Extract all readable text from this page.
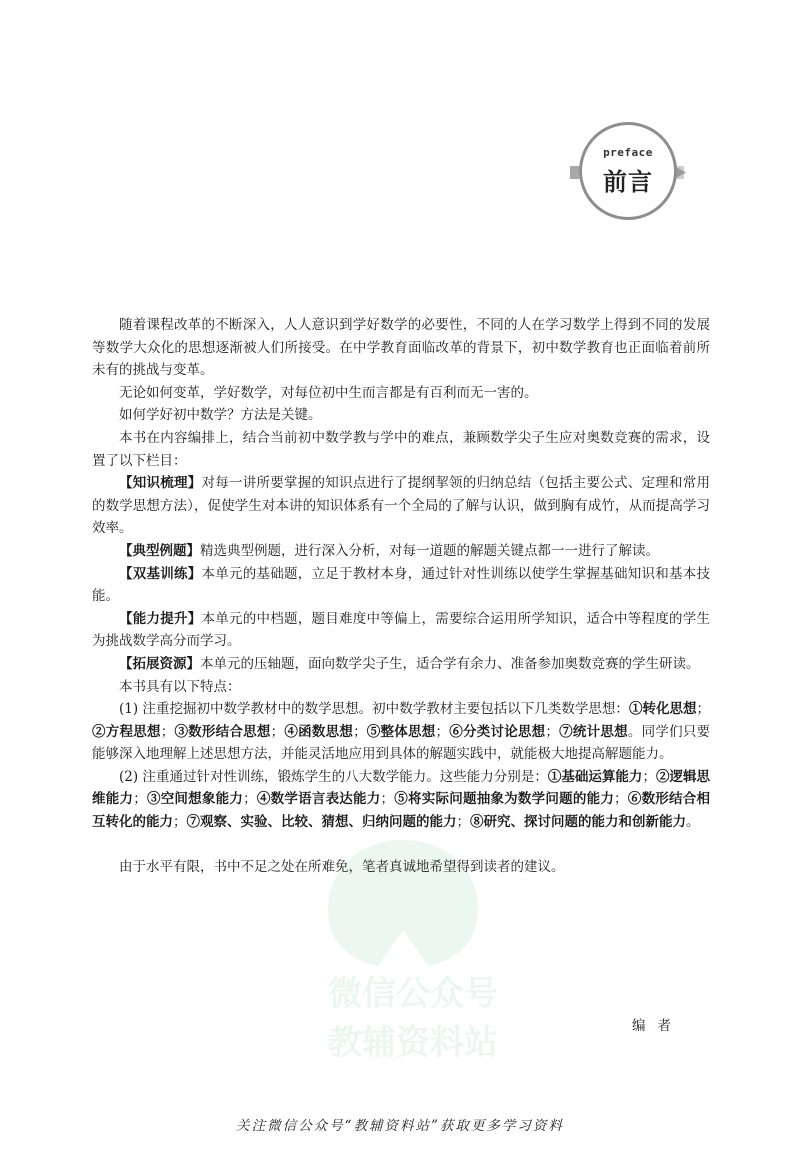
preface
前言
微信公众号
教辅资料站

随着课程改革的不断深入，人人意识到学好数学的必要性，不同的人在学习数学上得到不同的发展等数学大众化的思想逐渐被人们所接受。在中学教育面临改革的背景下，初中数学教育也正面临着前所未有的挑战与变革。

无论如何变革，学好数学，对每位初中生而言都是有百利而无一害的。

如何学好初中数学？方法是关键。

本书在内容编排上，结合当前初中数学教与学中的难点，兼顾数学尖子生应对奥数竞赛的需求，设置了以下栏目：

【知识梳理】对每一讲所要掌握的知识点进行了提纲挈领的归纳总结（包括主要公式、定理和常用的数学思想方法），促使学生对本讲的知识体系有一个全局的了解与认识，做到胸有成竹，从而提高学习效率。

【典型例题】精选典型例题，进行深入分析，对每一道题的解题关键点都一一进行了解读。

【双基训练】本单元的基础题，立足于教材本身，通过针对性训练以使学生掌握基础知识和基本技能。

【能力提升】本单元的中档题，题目难度中等偏上，需要综合运用所学知识，适合中等程度的学生为挑战数学高分而学习。

【拓展资源】本单元的压轴题，面向数学尖子生，适合学有余力、准备参加奥数竞赛的学生研读。

本书具有以下特点：

(1) 注重挖掘初中数学教材中的数学思想。初中数学教材主要包括以下几类数学思想：①转化思想；②方程思想；③数形结合思想；④函数思想；⑤整体思想；⑥分类讨论思想；⑦统计思想。同学们只要能够深入地理解上述思想方法，并能灵活地应用到具体的解题实践中，就能极大地提高解题能力。

(2) 注重通过针对性训练，锻炼学生的八大数学能力。这些能力分别是：①基础运算能力；②逻辑思维能力；③空间想象能力；④数学语言表达能力；⑤将实际问题抽象为数学问题的能力；⑥数形结合相互转化的能力；⑦观察、实验、比较、猜想、归纳问题的能力；⑧研究、探讨问题的能力和创新能力。

由于水平有限，书中不足之处在所难免，笔者真诚地希望得到读者的建议。

编者
关注微信公众号“教辅资料站”获取更多学习资料
